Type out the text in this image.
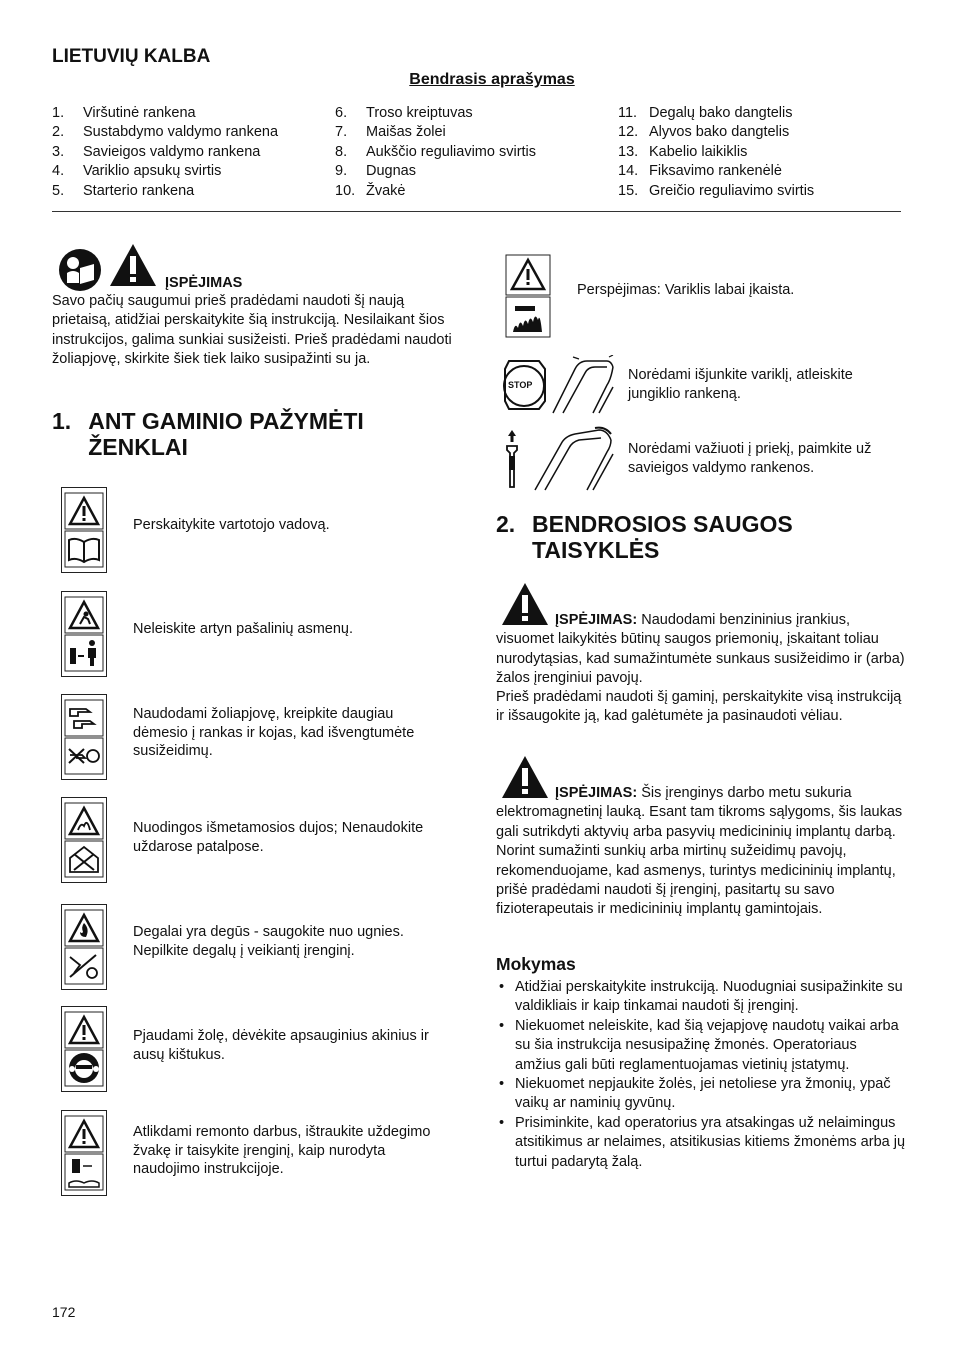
LIETUVIŲ KALBA
Bendrasis aprašymas
1.	Viršutinė rankena
2.	Sustabdymo valdymo rankena
3.	Savieigos valdymo rankena
4.	Variklio apsukų svirtis
5.	Starterio rankena
6.	Troso kreiptuvas
7.	Maišas žolei
8.	Aukščio reguliavimo svirtis
9.	Dugnas
10. Žvakė
11. Degalų bako dangtelis
12. Alyvos bako dangtelis
13. Kabelio laikiklis
14. Fiksavimo rankenėlė
15. Greičio reguliavimo svirtis
ĮSPĖJIMAS
Savo pačių saugumui prieš pradėdami naudoti šį naują prietaisą, atidžiai perskaitykite šią instrukciją. Nesilaikant šios instrukcijos, galima sunkiai susižeisti. Prieš pradėdami naudoti žoliapjovę, skirkite šiek tiek laiko susipažinti su ja.
1. ANT GAMINIO PAŽYMĖTI ŽENKLAI
Perskaitykite vartotojo vadovą.
Neleiskite artyn pašalinių asmenų.
Naudodami žoliapjovę, kreipkite daugiau dėmesio į rankas ir kojas, kad išvengtumėte susižeidimų.
Nuodingos išmetamosios dujos; Nenaudokite uždarose patalpose.
Degalai yra degūs - saugokite nuo ugnies. Nepilkite degalų į veikiantį įrenginį.
Pjaudami žolę, dėvėkite apsauginius akinius ir ausų kištukus.
Atlikdami remonto darbus, ištraukite uždegimo žvakę ir taisykite įrenginį, kaip nurodyta naudojimo instrukcijoje.
Perspėjimas: Variklis labai įkaista.
STOP
Norėdami išjunkite variklį, atleiskite jungiklio rankeną.
Norėdami važiuoti į priekį, paimkite už savieigos valdymo rankenos.
2. BENDROSIOS SAUGOS TAISYKLĖS
ĮSPĖJIMAS: Naudodami benzininius įrankius, visuomet laikykitės būtinų saugos priemonių, įskaitant toliau nurodytąsias, kad sumažintumėte sunkaus susižeidimo ir (arba) žalos įrenginiui pavojų.
Prieš pradėdami naudoti šį gaminį, perskaitykite visą instrukciją ir išsaugokite ją, kad galėtumėte ja pasinaudoti vėliau.
ĮSPĖJIMAS: Šis įrenginys darbo metu sukuria elektromagnetinį lauką. Esant tam tikroms sąlygoms, šis laukas gali sutrikdyti aktyvių arba pasyvių medicininių implantų darbą. Norint sumažinti sunkių arba mirtinų sužeidimų pavojų, rekomenduojame, kad asmenys, turintys medicininių implantų, prišė pradėdami naudoti šį įrenginį, pasitartų su savo fizioterapeutais ir medicininių implantų gamintojais.
Mokymas
• Atidžiai perskaitykite instrukciją. Nuodugniai susipažinkite su valdikliais ir kaip tinkamai naudoti šį įrenginį.
• Niekuomet neleiskite, kad šią vejapjovę naudotų vaikai arba su šia instrukcija nesusipažinę žmonės. Operatoriaus amžius gali būti reglamentuojamas vietinių įstatymų.
• Niekuomet nepjaukite žolės, jei netoliese yra žmonių, ypač vaikų ar naminių gyvūnų.
• Prisiminkite, kad operatorius yra atsakingas už nelaimingus atsitikimus ar nelaimes, atsitikusias kitiems žmonėms arba jų turtui padarytą žalą.
172
